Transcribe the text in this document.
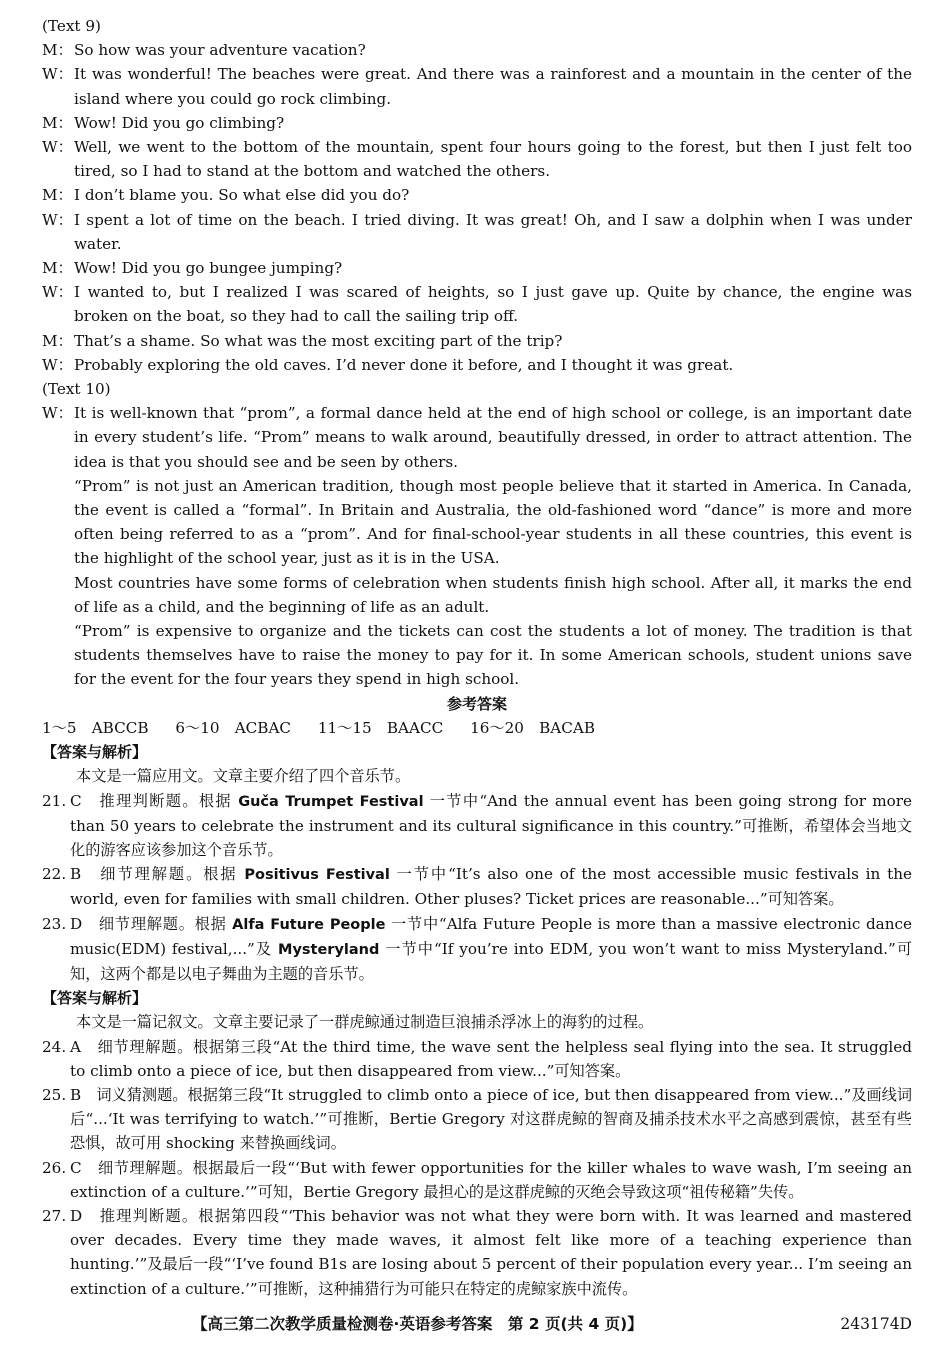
(Text 9)
M： So how was your adventure vacation?
W： It was wonderful! The beaches were great. And there was a rainforest and a mountain in the center of the island where you could go rock climbing.
M： Wow! Did you go climbing?
W： Well, we went to the bottom of the mountain, spent four hours going to the forest, but then I just felt too tired, so I had to stand at the bottom and watched the others.
M： I don’t blame you. So what else did you do?
W： I spent a lot of time on the beach. I tried diving. It was great! Oh, and I saw a dolphin when I was under water.
M： Wow! Did you go bungee jumping?
W： I wanted to, but I realized I was scared of heights, so I just gave up. Quite by chance, the engine was broken on the boat, so they had to call the sailing trip off.
M： That’s a shame. So what was the most exciting part of the trip?
W： Probably exploring the old caves. I’d never done it before, and I thought it was great.
(Text 10)
W： It is well-known that “prom”, a formal dance held at the end of high school or college, is an important date in every student’s life. “Prom” means to walk around, beautifully dressed, in order to attract attention. The idea is that you should see and be seen by others.
“Prom” is not just an American tradition, though most people believe that it started in America. In Canada, the event is called a “formal”. In Britain and Australia, the old-fashioned word “dance” is more and more often being referred to as a “prom”. And for final-school-year students in all these countries, this event is the highlight of the school year, just as it is in the USA.
Most countries have some forms of celebration when students finish high school. After all, it marks the end of life as a child, and the beginning of life as an adult.
“Prom” is expensive to organize and the tickets can cost the students a lot of money. The tradition is that students themselves have to raise the money to pay for it. In some American schools, student unions save for the event for the four years they spend in high school.
参考答案
1～5　ABCCB 6～10　ACBAC 11～15　BAACC 16～20　BACAB
【答案与解析】
本文是一篇应用文。文章主要介绍了四个音乐节。
21. C　推理判断题。根据 Guča Trumpet Festival 一节中“And the annual event has been going strong for more than 50 years to celebrate the instrument and its cultural significance in this country.”可推断，希望体会当地文化的游客应该参加这个音乐节。
22. B　细节理解题。根据 Positivus Festival 一节中“It’s also one of the most accessible music festivals in the world, even for families with small children. Other pluses? Ticket prices are reasonable...”可知答案。
23. D　细节理解题。根据 Alfa Future People 一节中“Alfa Future People is more than a massive electronic dance music(EDM) festival,...”及 Mysteryland 一节中“If you’re into EDM, you won’t want to miss Mysteryland.”可知，这两个都是以电子舞曲为主题的音乐节。
【答案与解析】
本文是一篇记叙文。文章主要记录了一群虎鲸通过制造巨浪捕杀浮冰上的海豹的过程。
24. A　细节理解题。根据第三段“At the third time, the wave sent the helpless seal flying into the sea. It struggled to climb onto a piece of ice, but then disappeared from view...”可知答案。
25. B　词义猜测题。根据第三段“It struggled to climb onto a piece of ice, but then disappeared from view...”及画线词后“...‘It was terrifying to watch.’”可推断，Bertie Gregory 对这群虎鲸的智商及捕杀技术水平之高感到震惊，甚至有些恐惧，故可用 shocking 来替换画线词。
26. C　细节理解题。根据最后一段“‘But with fewer opportunities for the killer whales to wave wash, I’m seeing an extinction of a culture.’”可知，Bertie Gregory 最担心的是这群虎鲸的灭绝会导致这项“祖传秘籍”失传。
27. D　推理判断题。根据第四段“‘This behavior was not what they were born with. It was learned and mastered over decades. Every time they made waves, it almost felt like more of a teaching experience than hunting.’”及最后一段“‘I’ve found B1s are losing about 5 percent of their population every year... I’m seeing an extinction of a culture.’”可推断，这种捕猎行为可能只在特定的虎鲸家族中流传。
【高三第二次教学质量检测卷·英语参考答案　第 2 页(共 4 页)】	243174D
